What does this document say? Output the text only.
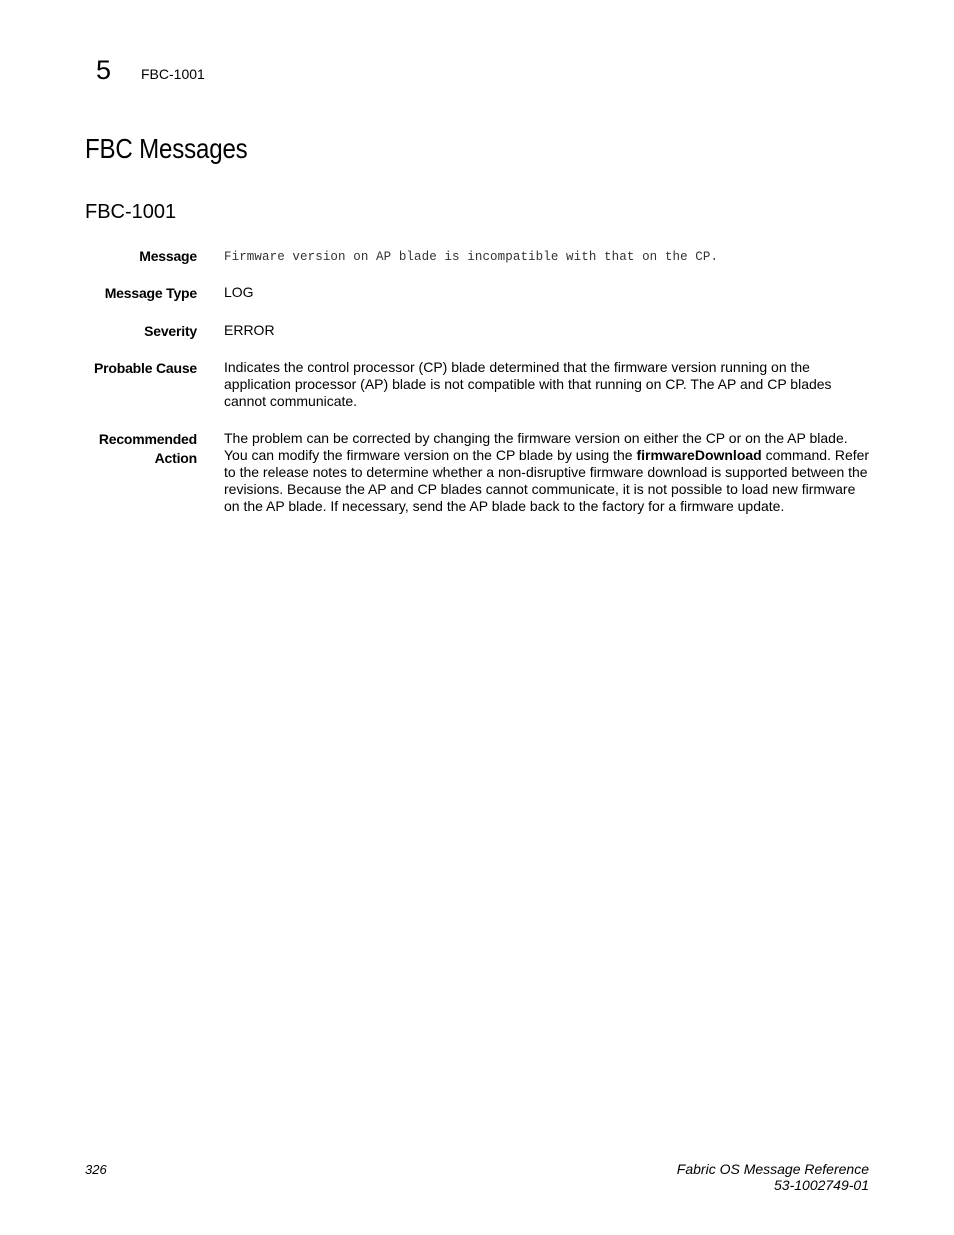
5 FBC-1001
FBC Messages
FBC-1001
Message Firmware version on AP blade is incompatible with that on the CP.
Message Type LOG
Severity ERROR
Probable Cause Indicates the control processor (CP) blade determined that the firmware version running on the application processor (AP) blade is not compatible with that running on CP. The AP and CP blades cannot communicate.
Recommended
Action
The problem can be corrected by changing the firmware version on either the CP or on the AP blade. You can modify the firmware version on the CP blade by using the firmwareDownload command. Refer to the release notes to determine whether a non-disruptive firmware download is supported between the revisions. Because the AP and CP blades cannot communicate, it is not possible to load new firmware on the AP blade. If necessary, send the AP blade back to the factory for a firmware update.
326	Fabric OS Message Reference
53-1002749-01
